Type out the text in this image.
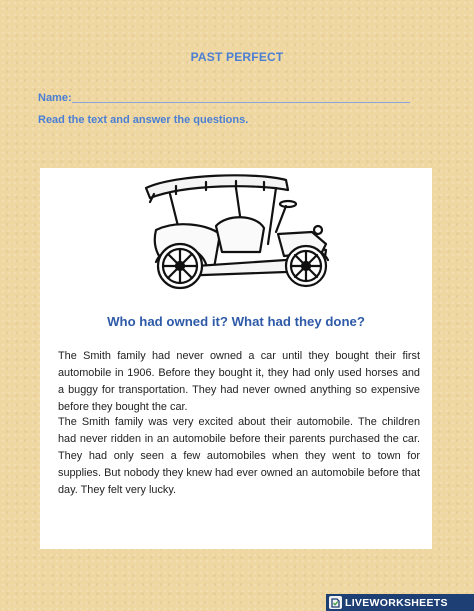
PAST PERFECT
Name:
Read the text and answer the questions.
Who had owned it? What had they done?

The Smith family had never owned a car until they bought their first automobile in 1906. Before they bought it, they had only used horses and a buggy for transportation. They had never owned anything so expensive before they bought the car.

The Smith family was very excited about their automobile. The children had never ridden in an automobile before their parents purchased the car. They had only seen a few automobiles when they went to town for supplies. But nobody they knew had ever owned an automobile before that day. They felt very lucky.

LIVEWORKSHEETS
